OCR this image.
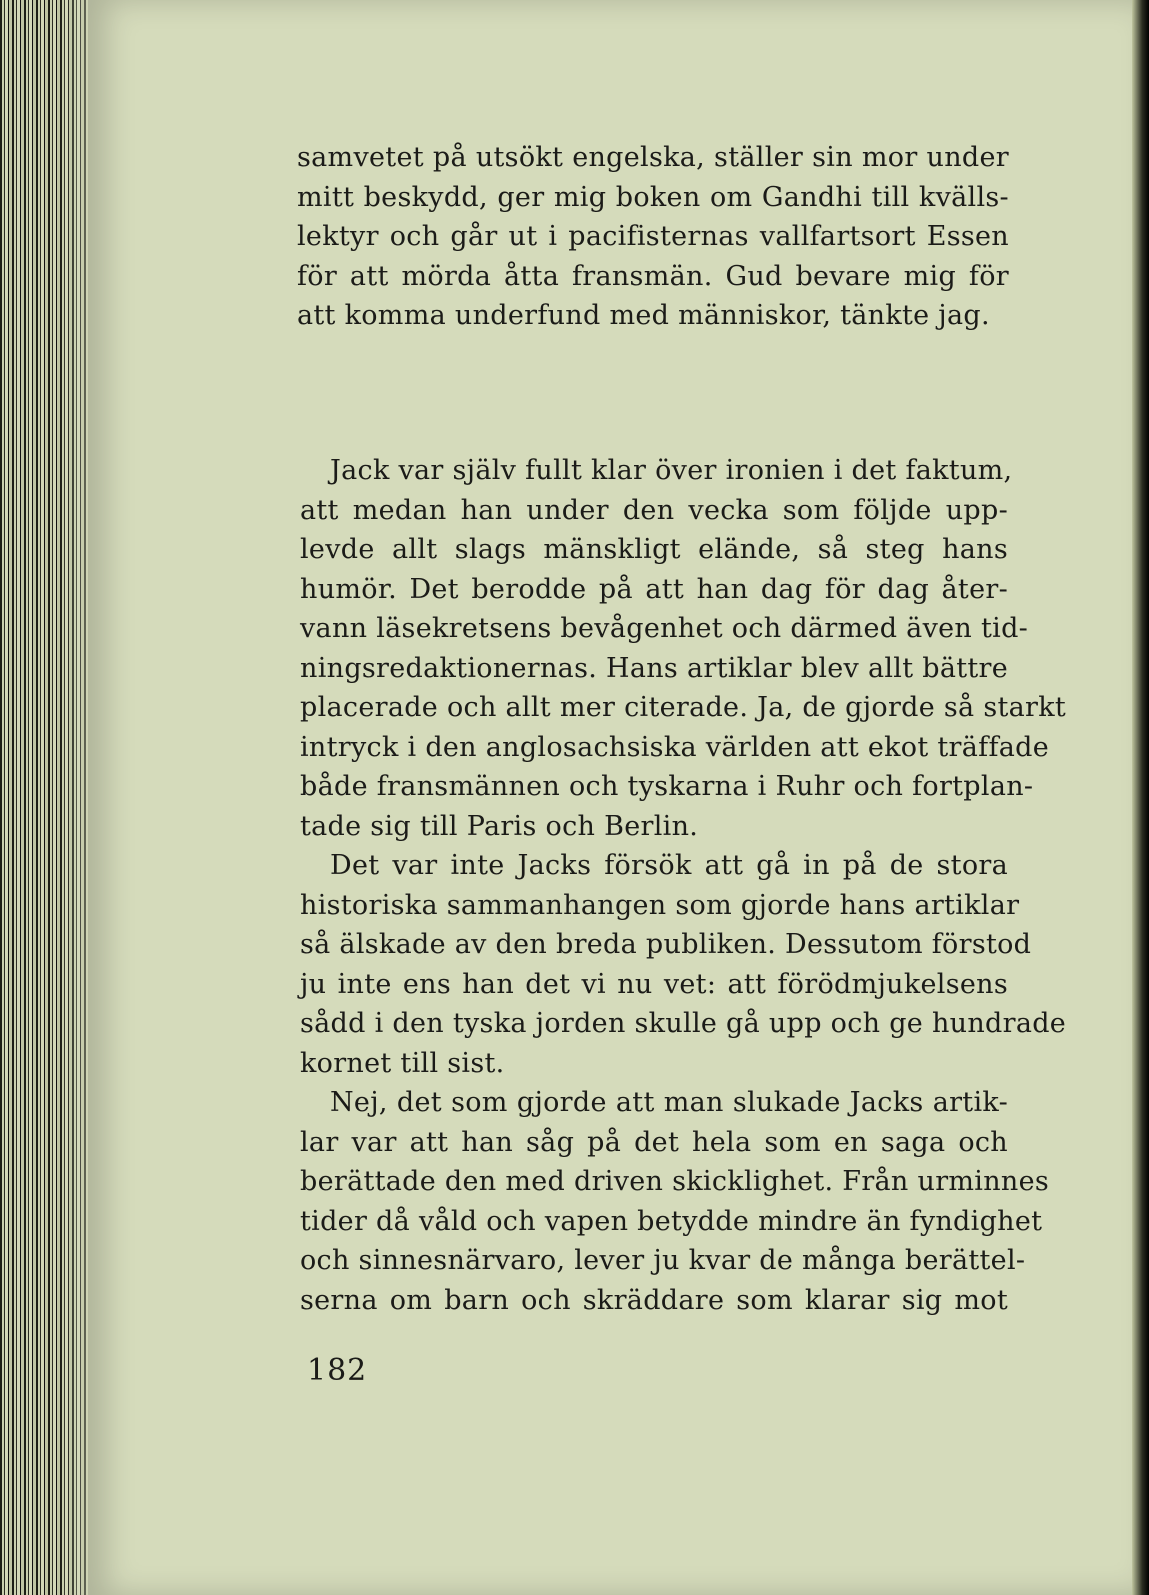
samvetet på utsökt engelska, ställer sin mor under
mitt beskydd, ger mig boken om Gandhi till kvälls-
lektyr och går ut i pacifisternas vallfartsort Essen
för att mörda åtta fransmän. Gud bevare mig för
att komma underfund med människor, tänkte jag.
Jack var själv fullt klar över ironien i det faktum,
att medan han under den vecka som följde upp-
levde allt slags mänskligt elände, så steg hans
humör. Det berodde på att han dag för dag åter-
vann läsekretsens bevågenhet och därmed även tid-
ningsredaktionernas. Hans artiklar blev allt bättre
placerade och allt mer citerade. Ja, de gjorde så starkt
intryck i den anglosachsiska världen att ekot träffade
både fransmännen och tyskarna i Ruhr och fortplan-
tade sig till Paris och Berlin.
Det var inte Jacks försök att gå in på de stora
historiska sammanhangen som gjorde hans artiklar
så älskade av den breda publiken. Dessutom förstod
ju inte ens han det vi nu vet: att förödmjukelsens
sådd i den tyska jorden skulle gå upp och ge hundrade
kornet till sist.
Nej, det som gjorde att man slukade Jacks artik-
lar var att han såg på det hela som en saga och
berättade den med driven skicklighet. Från urminnes
tider då våld och vapen betydde mindre än fyndighet
och sinnesnärvaro, lever ju kvar de många berättel-
serna om barn och skräddare som klarar sig mot
182
